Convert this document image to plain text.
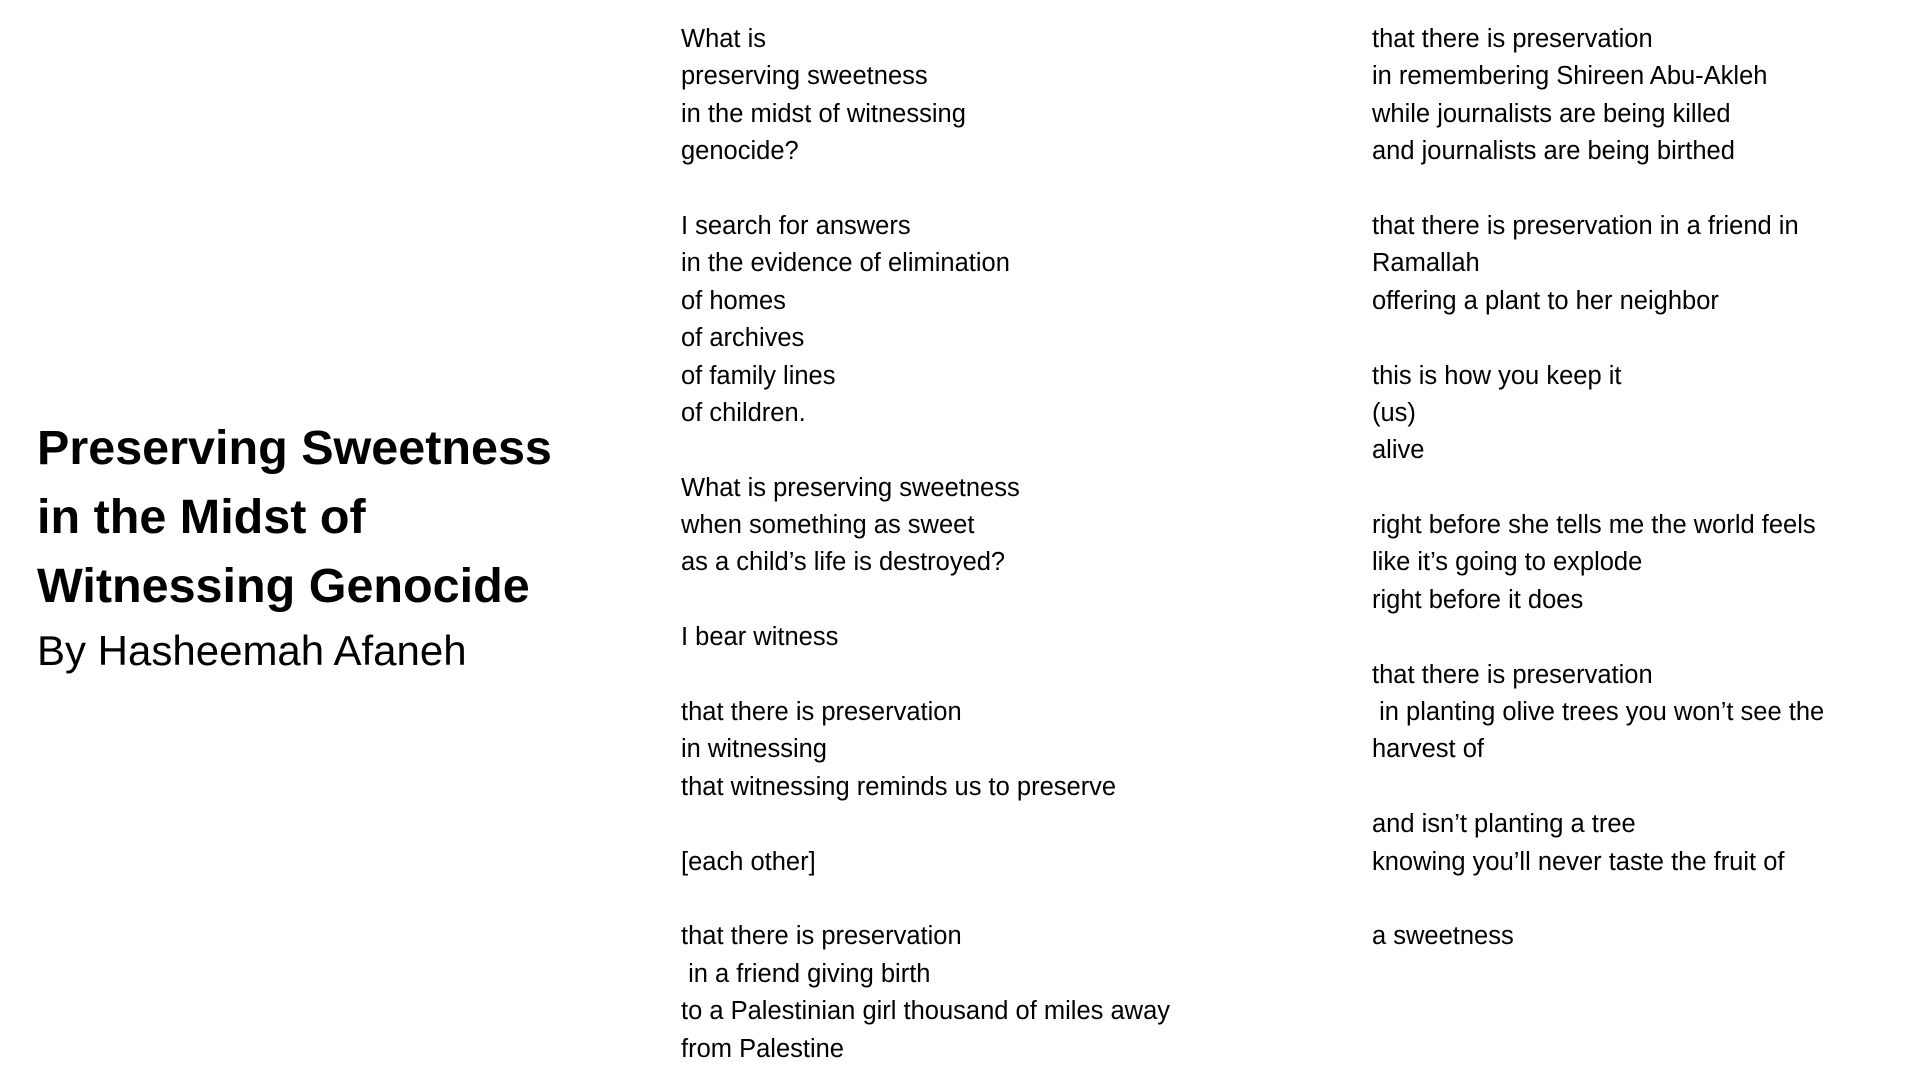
Preserving Sweetness
in the Midst of
Witnessing Genocide

By Hasheemah Afaneh

What is
preserving sweetness
in the midst of witnessing
genocide?
I search for answers
in the evidence of elimination
of homes
of archives
of family lines
of children.
What is preserving sweetness
when something as sweet
as a child’s life is destroyed?
I bear witness
that there is preservation
in witnessing
that witnessing reminds us to preserve
[each other]
that there is preservation
in a friend giving birth
to a Palestinian girl thousand of miles away
from Palestine
that there is preservation
in remembering Shireen Abu-Akleh
while journalists are being killed
and journalists are being birthed
that there is preservation in a friend in
Ramallah
offering a plant to her neighbor
this is how you keep it
(us)
alive
right before she tells me the world feels
like it’s going to explode
right before it does
that there is preservation
in planting olive trees you won’t see the
harvest of
and isn’t planting a tree
knowing you’ll never taste the fruit of
a sweetness
